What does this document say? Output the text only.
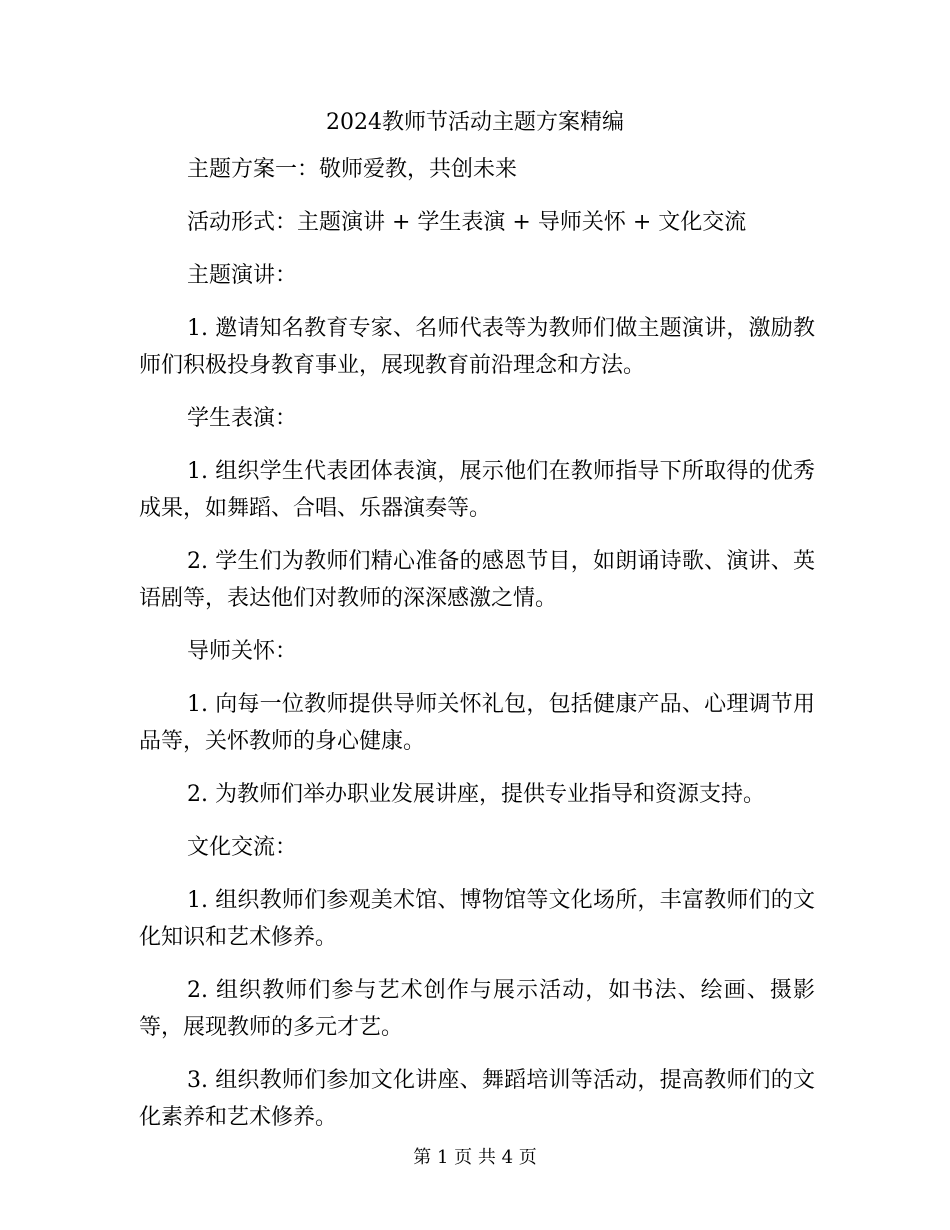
2024教师节活动主题方案精编

主题方案一：敬师爱教，共创未来

活动形式：主题演讲 + 学生表演 + 导师关怀 + 文化交流

主题演讲：

1. 邀请知名教育专家、名师代表等为教师们做主题演讲，激励教师们积极投身教育事业，展现教育前沿理念和方法。

学生表演：

1. 组织学生代表团体表演，展示他们在教师指导下所取得的优秀成果，如舞蹈、合唱、乐器演奏等。

2. 学生们为教师们精心准备的感恩节目，如朗诵诗歌、演讲、英语剧等，表达他们对教师的深深感激之情。

导师关怀：

1. 向每一位教师提供导师关怀礼包，包括健康产品、心理调节用品等，关怀教师的身心健康。

2. 为教师们举办职业发展讲座，提供专业指导和资源支持。

文化交流：

1. 组织教师们参观美术馆、博物馆等文化场所，丰富教师们的文化知识和艺术修养。

2. 组织教师们参与艺术创作与展示活动，如书法、绘画、摄影等，展现教师的多元才艺。

3. 组织教师们参加文化讲座、舞蹈培训等活动，提高教师们的文化素养和艺术修养。

第 1 页 共 4 页
